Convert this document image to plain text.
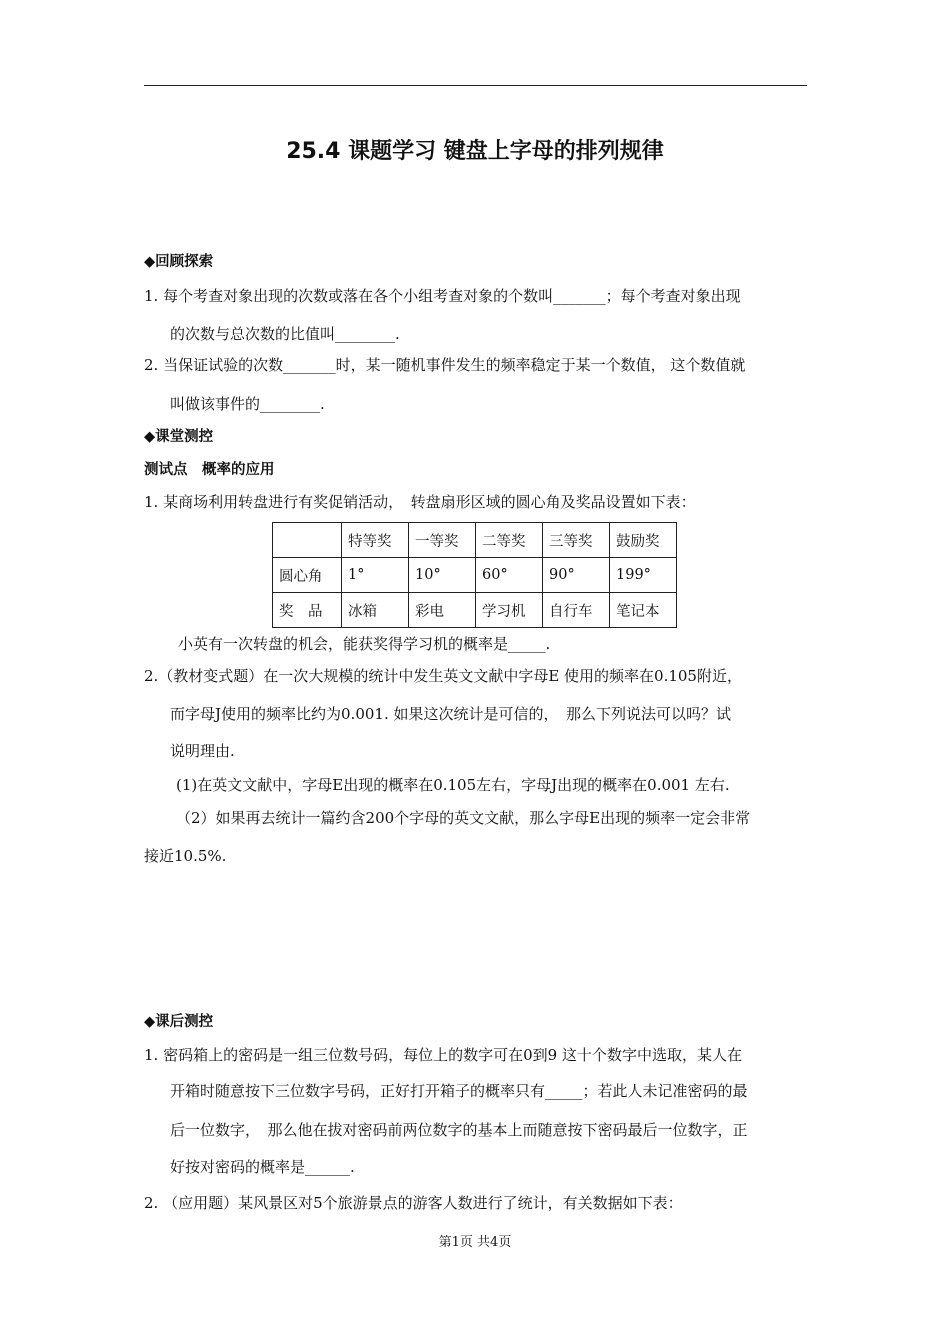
25.4 课题学习 键盘上字母的排列规律
◆回顾探索
1. 每个考查对象出现的次数或落在各个小组考查对象的个数叫_______；每个考查对象出现
的次数与总次数的比值叫________.
2. 当保证试验的次数_______时，某一随机事件发生的频率稳定于某一个数值， 这个数值就
叫做该事件的________.
◆课堂测控
测试点　概率的应用
1. 某商场利用转盘进行有奖促销活动，　转盘扇形区域的圆心角及奖品设置如下表：
	特等奖	一等奖	二等奖	三等奖	鼓励奖
圆心角	1°	10°	60°	90°	199°
奖　品	冰箱	彩电	学习机	自行车	笔记本
小英有一次转盘的机会，能获奖得学习机的概率是_____.
2.（教材变式题）在一次大规模的统计中发生英文文献中字母E 使用的频率在0.105附近，
而字母J使用的频率比约为0.001. 如果这次统计是可信的，　那么下列说法可以吗？试
说明理由.
(1)在英文文献中，字母E出现的概率在0.105左右，字母J出现的概率在0.001 左右.
（2）如果再去统计一篇约含200个字母的英文文献，那么字母E出现的频率一定会非常
接近10.5%.
◆课后测控
1. 密码箱上的密码是一组三位数号码，每位上的数字可在0到9 这十个数字中选取，某人在
开箱时随意按下三位数字号码，正好打开箱子的概率只有_____；若此人未记准密码的最
后一位数字，　那么他在拔对密码前两位数字的基本上而随意按下密码最后一位数字，正
好按对密码的概率是______.
2. （应用题）某风景区对5个旅游景点的游客人数进行了统计，有关数据如下表：
第1页 共4页
